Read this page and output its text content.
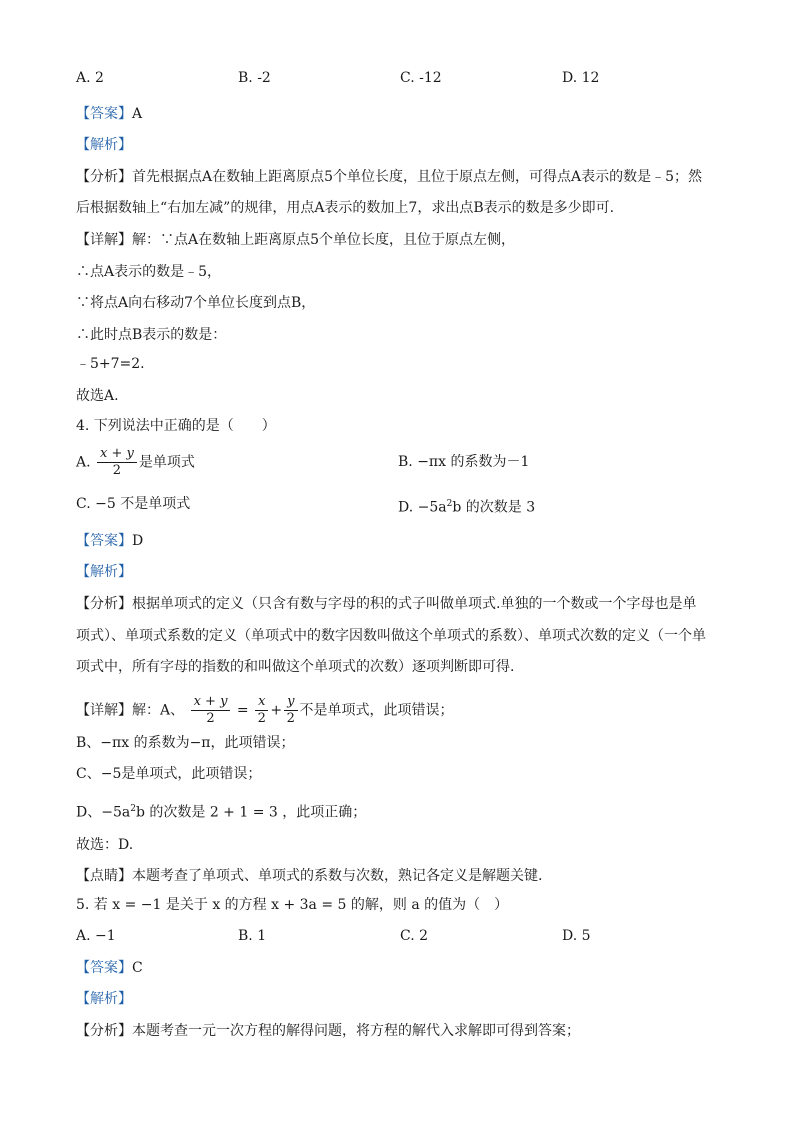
A. 2	B. -2	C. -12	D. 12
【答案】A
【解析】
【分析】首先根据点A在数轴上距离原点5个单位长度，且位于原点左侧，可得点A表示的数是﹣5；然
后根据数轴上“右加左减”的规律，用点A表示的数加上7，求出点B表示的数是多少即可.
【详解】解：∵点A在数轴上距离原点5个单位长度，且位于原点左侧，
∴点A表示的数是﹣5，
∵将点A向右移动7个单位长度到点B，
∴此时点B表示的数是：
﹣5+7=2.
故选A.
4. 下列说法中正确的是（　　）
A. $\frac{x + y}{2}$ 是单项式	B. −πx 的系数为－1
C. −5 不是单项式	D. $-5a^2b$ 的次数是 3
【答案】D
【解析】
【分析】根据单项式的定义（只含有数与字母的积的式子叫做单项式.单独的一个数或一个字母也是单
项式）、单项式系数的定义（单项式中的数字因数叫做这个单项式的系数）、单项式次数的定义（一个单
项式中，所有字母的指数的和叫做这个单项式的次数）逐项判断即可得.
【详解】解：A、 $\frac{x + y}{2} = \frac{x}{2} + \frac{y}{2}$ 不是单项式，此项错误；
B、−πx 的系数为−π，此项错误；
C、−5是单项式，此项错误；
D、$-5a^2b$ 的次数是 2 + 1 = 3 ，此项正确；
故选：D.
【点睛】本题考查了单项式、单项式的系数与次数，熟记各定义是解题关键.
5. 若 x = −1 是关于 x 的方程 x + 3a = 5 的解，则 a 的值为（　）
A. −1	B. 1	C. 2	D. 5
【答案】C
【解析】
【分析】本题考查一元一次方程的解得问题，将方程的解代入求解即可得到答案；
